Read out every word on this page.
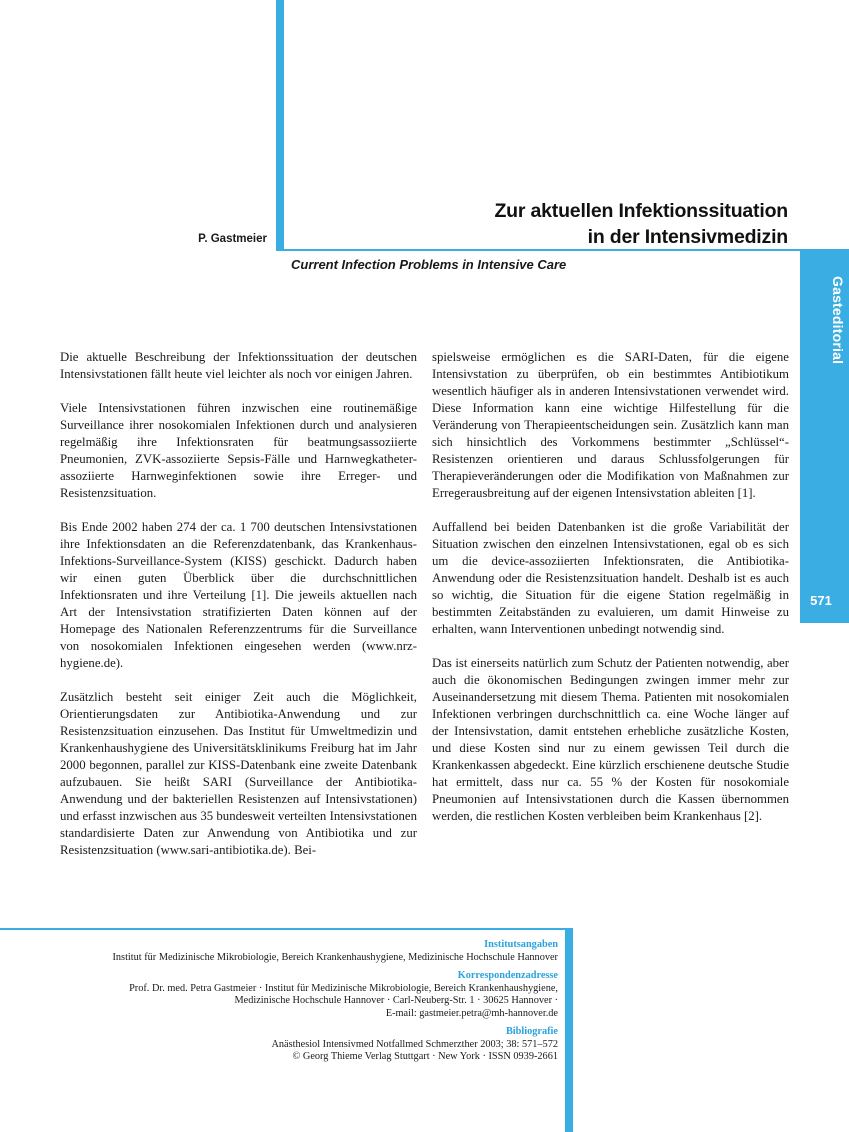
Gasteditorial
571
Zur aktuellen Infektionssituation
in der Intensivmedizin
P. Gastmeier
Current Infection Problems in Intensive Care

Die aktuelle Beschreibung der Infektionssituation der deutschen Intensivstationen fällt heute viel leichter als noch vor einigen Jahren.

Viele Intensivstationen führen inzwischen eine routinemäßige Surveillance ihrer nosokomialen Infektionen durch und analysieren regelmäßig ihre Infektionsraten für beatmungsassoziierte Pneumonien, ZVK-assoziierte Sepsis-Fälle und Harnwegkatheter-assoziierte Harnweginfektionen sowie ihre Erreger- und Resistenzsituation.

Bis Ende 2002 haben 274 der ca. 1 700 deutschen Intensivstationen ihre Infektionsdaten an die Referenzdatenbank, das Krankenhaus-Infektions-Surveillance-System (KISS) geschickt. Dadurch haben wir einen guten Überblick über die durchschnittlichen Infektionsraten und ihre Verteilung [1]. Die jeweils aktuellen nach Art der Intensivstation stratifizierten Daten können auf der Homepage des Nationalen Referenzzentrums für die Surveillance von nosokomialen Infektionen eingesehen werden (www.nrz-hygiene.de).

Zusätzlich besteht seit einiger Zeit auch die Möglichkeit, Orientierungsdaten zur Antibiotika-Anwendung und zur Resistenzsituation einzusehen. Das Institut für Umweltmedizin und Krankenhaushygiene des Universitätsklinikums Freiburg hat im Jahr 2000 begonnen, parallel zur KISS-Datenbank eine zweite Datenbank aufzubauen. Sie heißt SARI (Surveillance der Antibiotika-Anwendung und der bakteriellen Resistenzen auf Intensivstationen) und erfasst inzwischen aus 35 bundesweit verteilten Intensivstationen standardisierte Daten zur Anwendung von Antibiotika und zur Resistenzsituation (www.sari-antibiotika.de). Bei-

spielsweise ermöglichen es die SARI-Daten, für die eigene Intensivstation zu überprüfen, ob ein bestimmtes Antibiotikum wesentlich häufiger als in anderen Intensivstationen verwendet wird. Diese Information kann eine wichtige Hilfestellung für die Veränderung von Therapieentscheidungen sein. Zusätzlich kann man sich hinsichtlich des Vorkommens bestimmter „Schlüssel“-Resistenzen orientieren und daraus Schlussfolgerungen für Therapieveränderungen oder die Modifikation von Maßnahmen zur Erregerausbreitung auf der eigenen Intensivstation ableiten [1].

Auffallend bei beiden Datenbanken ist die große Variabilität der Situation zwischen den einzelnen Intensivstationen, egal ob es sich um die device-assoziierten Infektionsraten, die Antibiotika-Anwendung oder die Resistenzsituation handelt. Deshalb ist es auch so wichtig, die Situation für die eigene Station regelmäßig in bestimmten Zeitabständen zu evaluieren, um damit Hinweise zu erhalten, wann Interventionen unbedingt notwendig sind.

Das ist einerseits natürlich zum Schutz der Patienten notwendig, aber auch die ökonomischen Bedingungen zwingen immer mehr zur Auseinandersetzung mit diesem Thema. Patienten mit nosokomialen Infektionen verbringen durchschnittlich ca. eine Woche länger auf der Intensivstation, damit entstehen erhebliche zusätzliche Kosten, und diese Kosten sind nur zu einem gewissen Teil durch die Krankenkassen abgedeckt. Eine kürzlich erschienene deutsche Studie hat ermittelt, dass nur ca. 55 % der Kosten für nosokomiale Pneumonien auf Intensivstationen durch die Kassen übernommen werden, die restlichen Kosten verbleiben beim Krankenhaus [2].

Institutsangaben
Institut für Medizinische Mikrobiologie, Bereich Krankenhaushygiene, Medizinische Hochschule Hannover
Korrespondenzadresse
Prof. Dr. med. Petra Gastmeier · Institut für Medizinische Mikrobiologie, Bereich Krankenhaushygiene,
Medizinische Hochschule Hannover · Carl-Neuberg-Str. 1 · 30625 Hannover ·
E-mail: gastmeier.petra@mh-hannover.de
Bibliografie
Anästhesiol Intensivmed Notfallmed Schmerzther 2003; 38: 571–572
© Georg Thieme Verlag Stuttgart · New York · ISSN 0939-2661
